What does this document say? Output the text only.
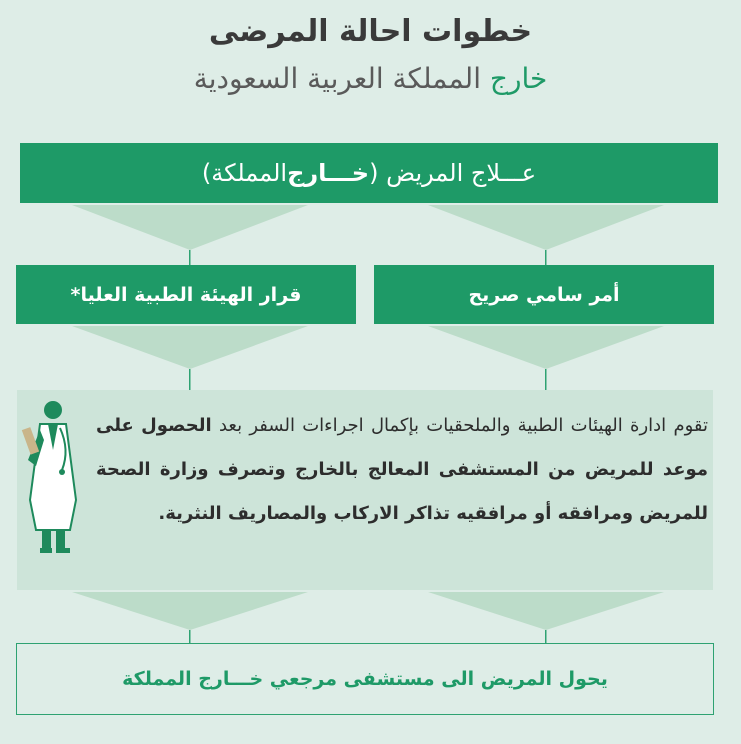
خطوات احالة المرضى
خارج المملكة العربية السعودية
عـــلاج المريض (
خـــارج
المملكة)
أمر سامي صريح
قرار الهيئة الطبية العليا*
تقوم ادارة الهيئات الطبية والملحقيات بإكمال اجراءات السفر بعد الحصول على موعد للمريض من المستشفى المعالج بالخارج وتصرف وزارة الصحة للمريض ومرافقه أو مرافقيه تذاكر الاركاب والمصاريف النثرية.
يحول المريض الى مستشفى مرجعي خـــارج المملكة
